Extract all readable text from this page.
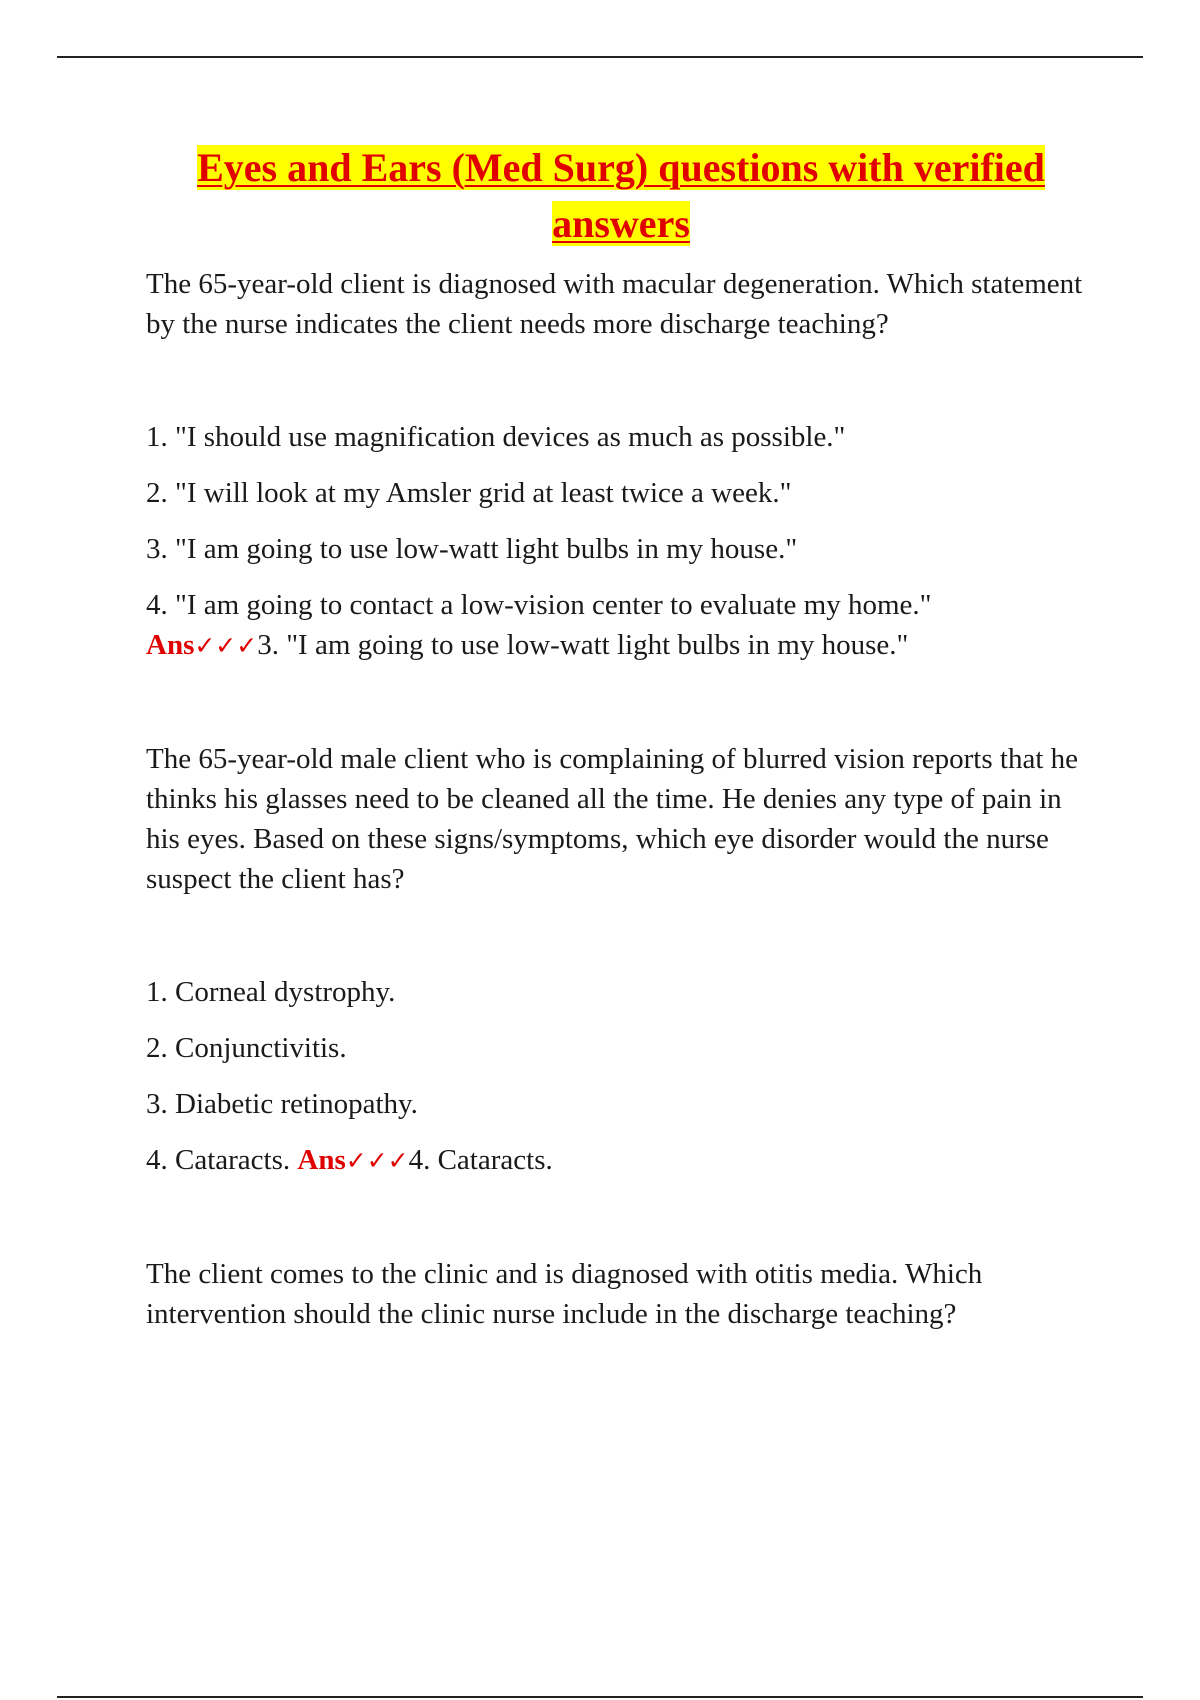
Eyes and Ears (Med Surg) questions with verified answers

The 65-year-old client is diagnosed with macular degeneration. Which statement by the nurse indicates the client needs more discharge teaching?

1. "I should use magnification devices as much as possible."
2. "I will look at my Amsler grid at least twice a week."
3. "I am going to use low-watt light bulbs in my house."
4. "I am going to contact a low-vision center to evaluate my home."
Ans✓✓✓3. "I am going to use low-watt light bulbs in my house."

The 65-year-old male client who is complaining of blurred vision reports that he thinks his glasses need to be cleaned all the time. He denies any type of pain in his eyes. Based on these signs/symptoms, which eye disorder would the nurse suspect the client has?

1. Corneal dystrophy.
2. Conjunctivitis.
3. Diabetic retinopathy.
4. Cataracts. Ans✓✓✓4. Cataracts.

The client comes to the clinic and is diagnosed with otitis media. Which intervention should the clinic nurse include in the discharge teaching?
